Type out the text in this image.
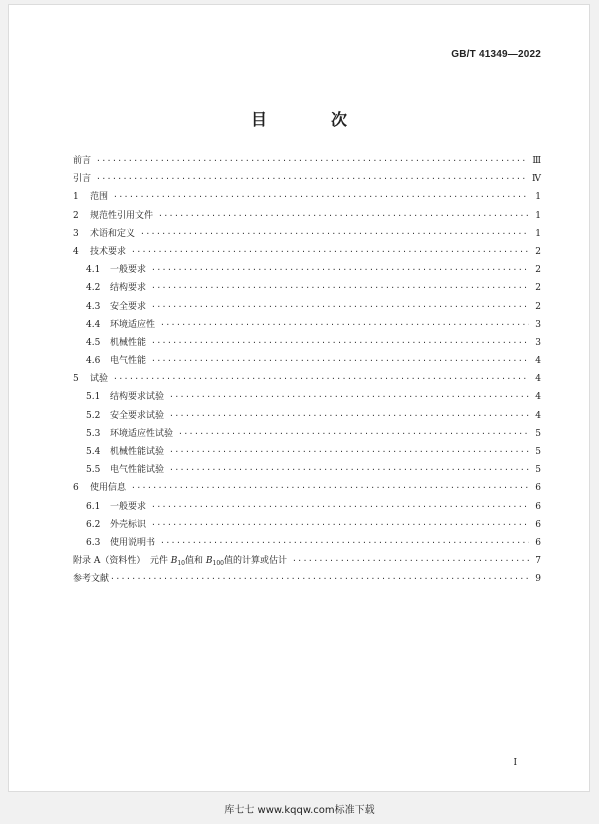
GB/T 41349—2022
目　次
前言 ·····	Ⅲ
引言 ·····	Ⅳ
1	范围 ·····	1
2	规范性引用文件 ·····	1
3	术语和定义 ·····	1
4	技术要求 ·····	2
4.1	一般要求 ·····	2
4.2	结构要求 ·····	2
4.3	安全要求 ·····	2
4.4	环境适应性 ·····	3
4.5	机械性能 ·····	3
4.6	电气性能 ·····	4
5	试验 ·····	4
5.1	结构要求试验 ·····	4
5.2	安全要求试验 ·····	4
5.3	环境适应性试验 ·····	5
5.4	机械性能试验 ·····	5
5.5	电气性能试验 ·····	5
6	使用信息 ·····	6
6.1	一般要求 ·····	6
6.2	外壳标识 ·····	6
6.3	使用说明书 ·····	6
附录 A（资料性）　元件 $B_{10}$值和 $B_{100}$值的计算或估计 ·····	7
参考文献 ·····	9
Ⅰ
库七七 www.kqqw.com标准下载
